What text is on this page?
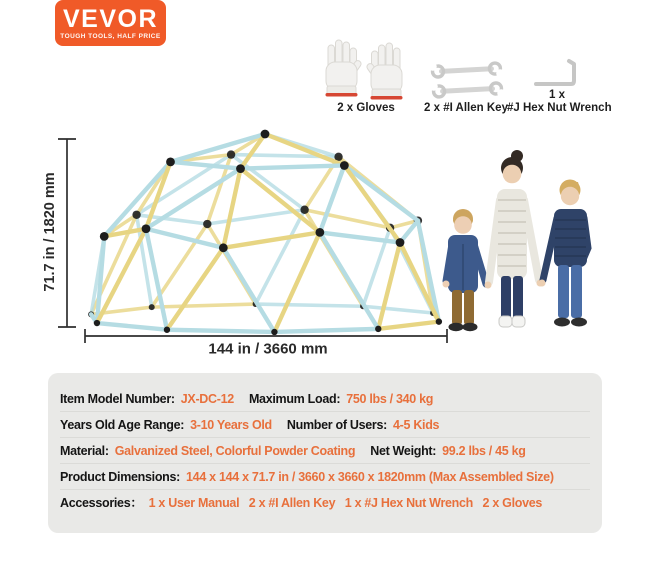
VEVOR
TOUGH TOOLS, HALF PRICE
2 x Gloves	2 x #I Allen Key
1 x
#J Hex Nut Wrench
71.7 in / 1820 mm
144 in / 3660 mm
Item Model Number: JX-DC-12 Maximum Load: 750 lbs / 340 kg
Years Old Age Range: 3-10 Years Old Number of Users: 4-5 Kids
Material: Galvanized Steel, Colorful Powder Coating Net Weight: 99.2 lbs / 45 kg
Product Dimensions: 144 x 144 x 71.7 in / 3660 x 3660 x 1820mm (Max Assembled Size)
Accessories： 1 x User Manual   2 x #I Allen Key   1 x #J Hex Nut Wrench   2 x Gloves
